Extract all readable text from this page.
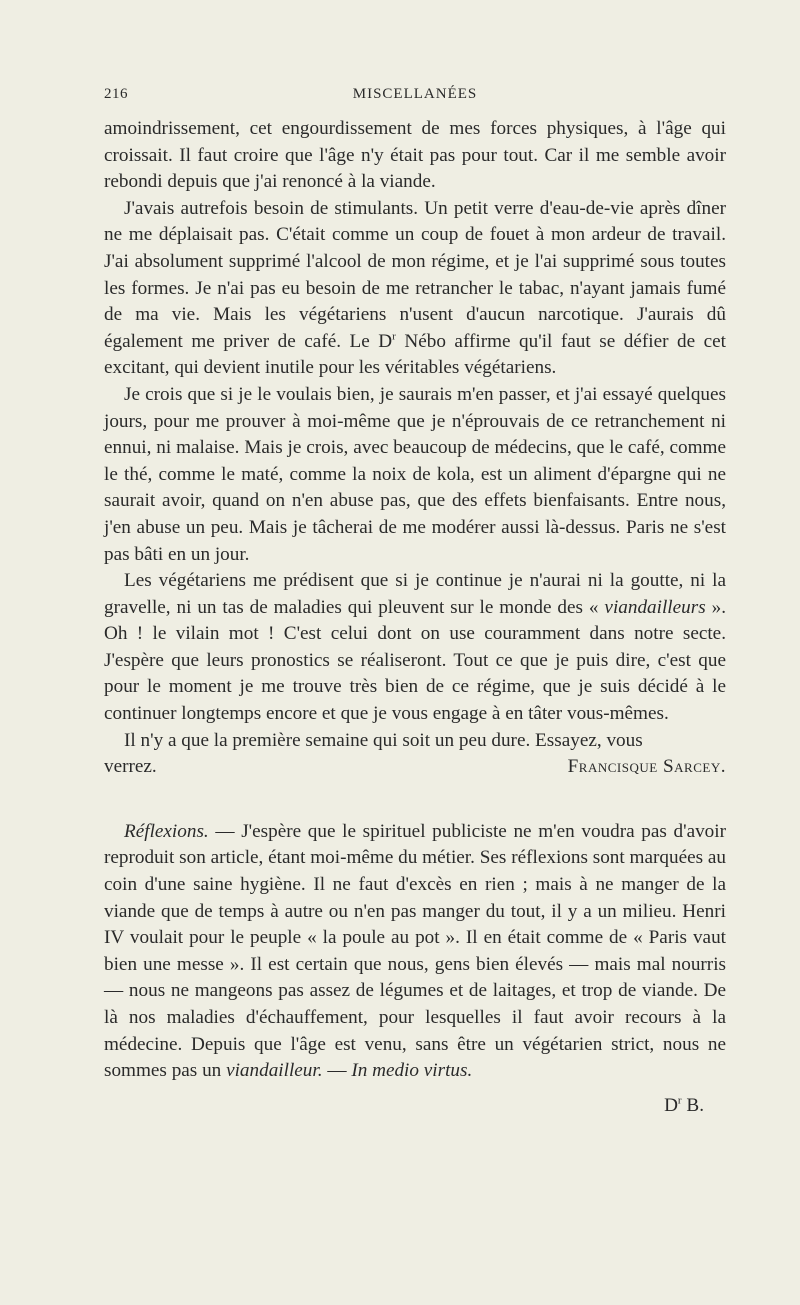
216	MISCELLANÉES

amoindrissement, cet engourdissement de mes forces physiques, à l'âge qui croissait. Il faut croire que l'âge n'y était pas pour tout. Car il me semble avoir rebondi depuis que j'ai renoncé à la viande.

J'avais autrefois besoin de stimulants. Un petit verre d'eau-de-vie après dîner ne me déplaisait pas. C'était comme un coup de fouet à mon ardeur de travail. J'ai absolument supprimé l'alcool de mon régime, et je l'ai supprimé sous toutes les formes. Je n'ai pas eu besoin de me retrancher le tabac, n'ayant jamais fumé de ma vie. Mais les végétariens n'usent d'aucun narcotique. J'aurais dû également me priver de café. Le $D^r$ Nébo affirme qu'il faut se défier de cet excitant, qui devient inutile pour les véritables végétariens.

Je crois que si je le voulais bien, je saurais m'en passer, et j'ai essayé quelques jours, pour me prouver à moi-même que je n'éprouvais de ce retranchement ni ennui, ni malaise. Mais je crois, avec beaucoup de médecins, que le café, comme le thé, comme le maté, comme la noix de kola, est un aliment d'épargne qui ne saurait avoir, quand on n'en abuse pas, que des effets bienfaisants. Entre nous, j'en abuse un peu. Mais je tâcherai de me modérer aussi là-dessus. Paris ne s'est pas bâti en un jour.

Les végétariens me prédisent que si je continue je n'aurai ni la goutte, ni la gravelle, ni un tas de maladies qui pleuvent sur le monde des « viandailleurs ». Oh ! le vilain mot ! C'est celui dont on use couramment dans notre secte. J'espère que leurs pronostics se réaliseront. Tout ce que je puis dire, c'est que pour le moment je me trouve très bien de ce régime, que je suis décidé à le continuer longtemps encore et que je vous engage à en tâter vous-mêmes.

Il n'y a que la première semaine qui soit un peu dure. Essayez, vous

verrez.	Francisque Sarcey.

Réflexions. — J'espère que le spirituel publiciste ne m'en voudra pas d'avoir reproduit son article, étant moi-même du métier. Ses réflexions sont marquées au coin d'une saine hygiène. Il ne faut d'excès en rien ; mais à ne manger de la viande que de temps à autre ou n'en pas manger du tout, il y a un milieu. Henri IV voulait pour le peuple « la poule au pot ». Il en était comme de « Paris vaut bien une messe ». Il est certain que nous, gens bien élevés — mais mal nourris — nous ne mangeons pas assez de légumes et de laitages, et trop de viande. De là nos maladies d'échauffement, pour lesquelles il faut avoir recours à la médecine. Depuis que l'âge est venu, sans être un végétarien strict, nous ne sommes pas un viandailleur. — In medio virtus.

$D^r$ B.
